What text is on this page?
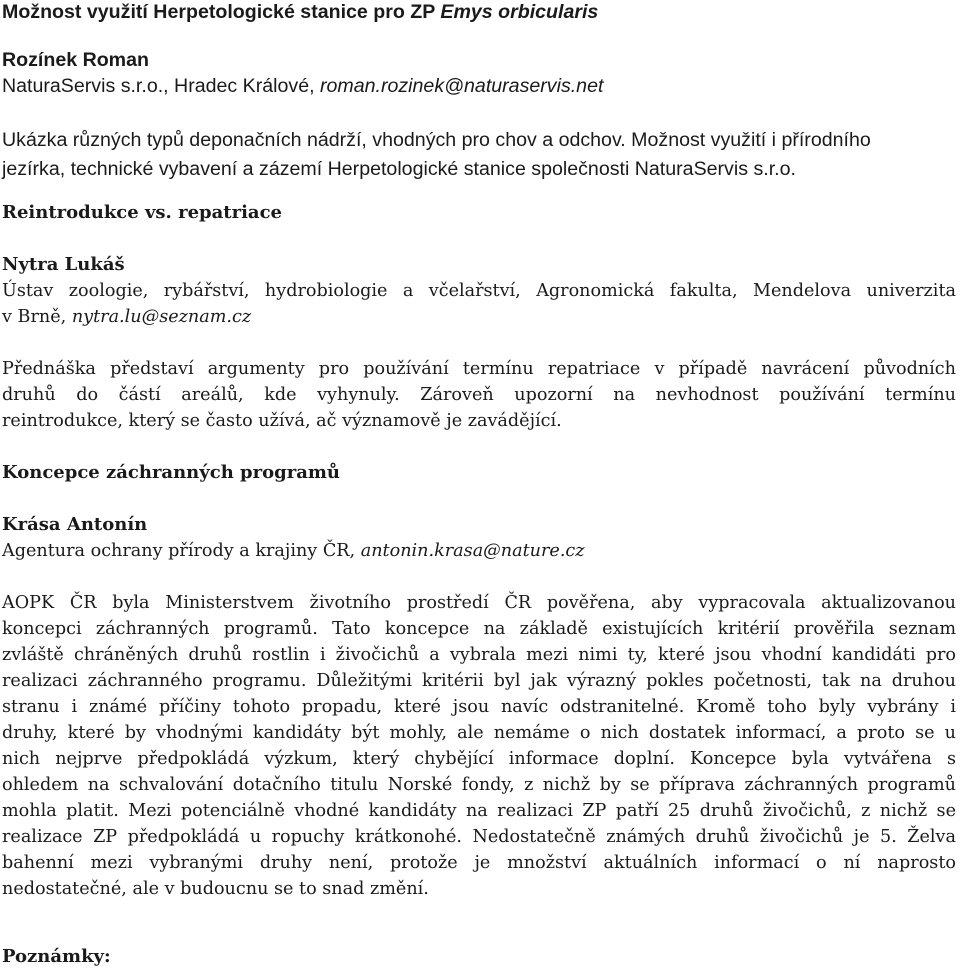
Možnost využití Herpetologické stanice pro ZP Emys orbicularis
Rozínek Roman
NaturaServis s.r.o., Hradec Králové, roman.rozinek@naturaservis.net
Ukázka různých typů deponačních nádrží, vhodných pro chov a odchov. Možnost využití i přírodního
jezírka, technické vybavení a zázemí Herpetologické stanice společnosti NaturaServis s.r.o.
Reintrodukce vs. repatriace
Nytra Lukáš
Ústav zoologie, rybářství, hydrobiologie a včelařství, Agronomická fakulta, Mendelova univerzita
v Brně, nytra.lu@seznam.cz
Přednáška představí argumenty pro používání termínu repatriace v případě navrácení původních
druhů do částí areálů, kde vyhynuly. Zároveň upozorní na nevhodnost používání termínu
reintrodukce, který se často užívá, ač významově je zavádějící.
Koncepce záchranných programů
Krása Antonín
Agentura ochrany přírody a krajiny ČR, antonin.krasa@nature.cz
AOPK ČR byla Ministerstvem životního prostředí ČR pověřena, aby vypracovala aktualizovanou
koncepci záchranných programů. Tato koncepce na základě existujících kritérií prověřila seznam
zvláště chráněných druhů rostlin i živočichů a vybrala mezi nimi ty, které jsou vhodní kandidáti pro
realizaci záchranného programu. Důležitými kritérii byl jak výrazný pokles početnosti, tak na druhou
stranu i známé příčiny tohoto propadu, které jsou navíc odstranitelné. Kromě toho byly vybrány i
druhy, které by vhodnými kandidáty být mohly, ale nemáme o nich dostatek informací, a proto se u
nich nejprve předpokládá výzkum, který chybějící informace doplní. Koncepce byla vytvářena s
ohledem na schvalování dotačního titulu Norské fondy, z nichž by se příprava záchranných programů
mohla platit. Mezi potenciálně vhodné kandidáty na realizaci ZP patří 25 druhů živočichů, z nichž se
realizace ZP předpokládá u ropuchy krátkonohé. Nedostatečně známých druhů živočichů je 5. Želva
bahenní mezi vybranými druhy není, protože je množství aktuálních informací o ní naprosto
nedostatečné, ale v budoucnu se to snad změní.
Poznámky:
